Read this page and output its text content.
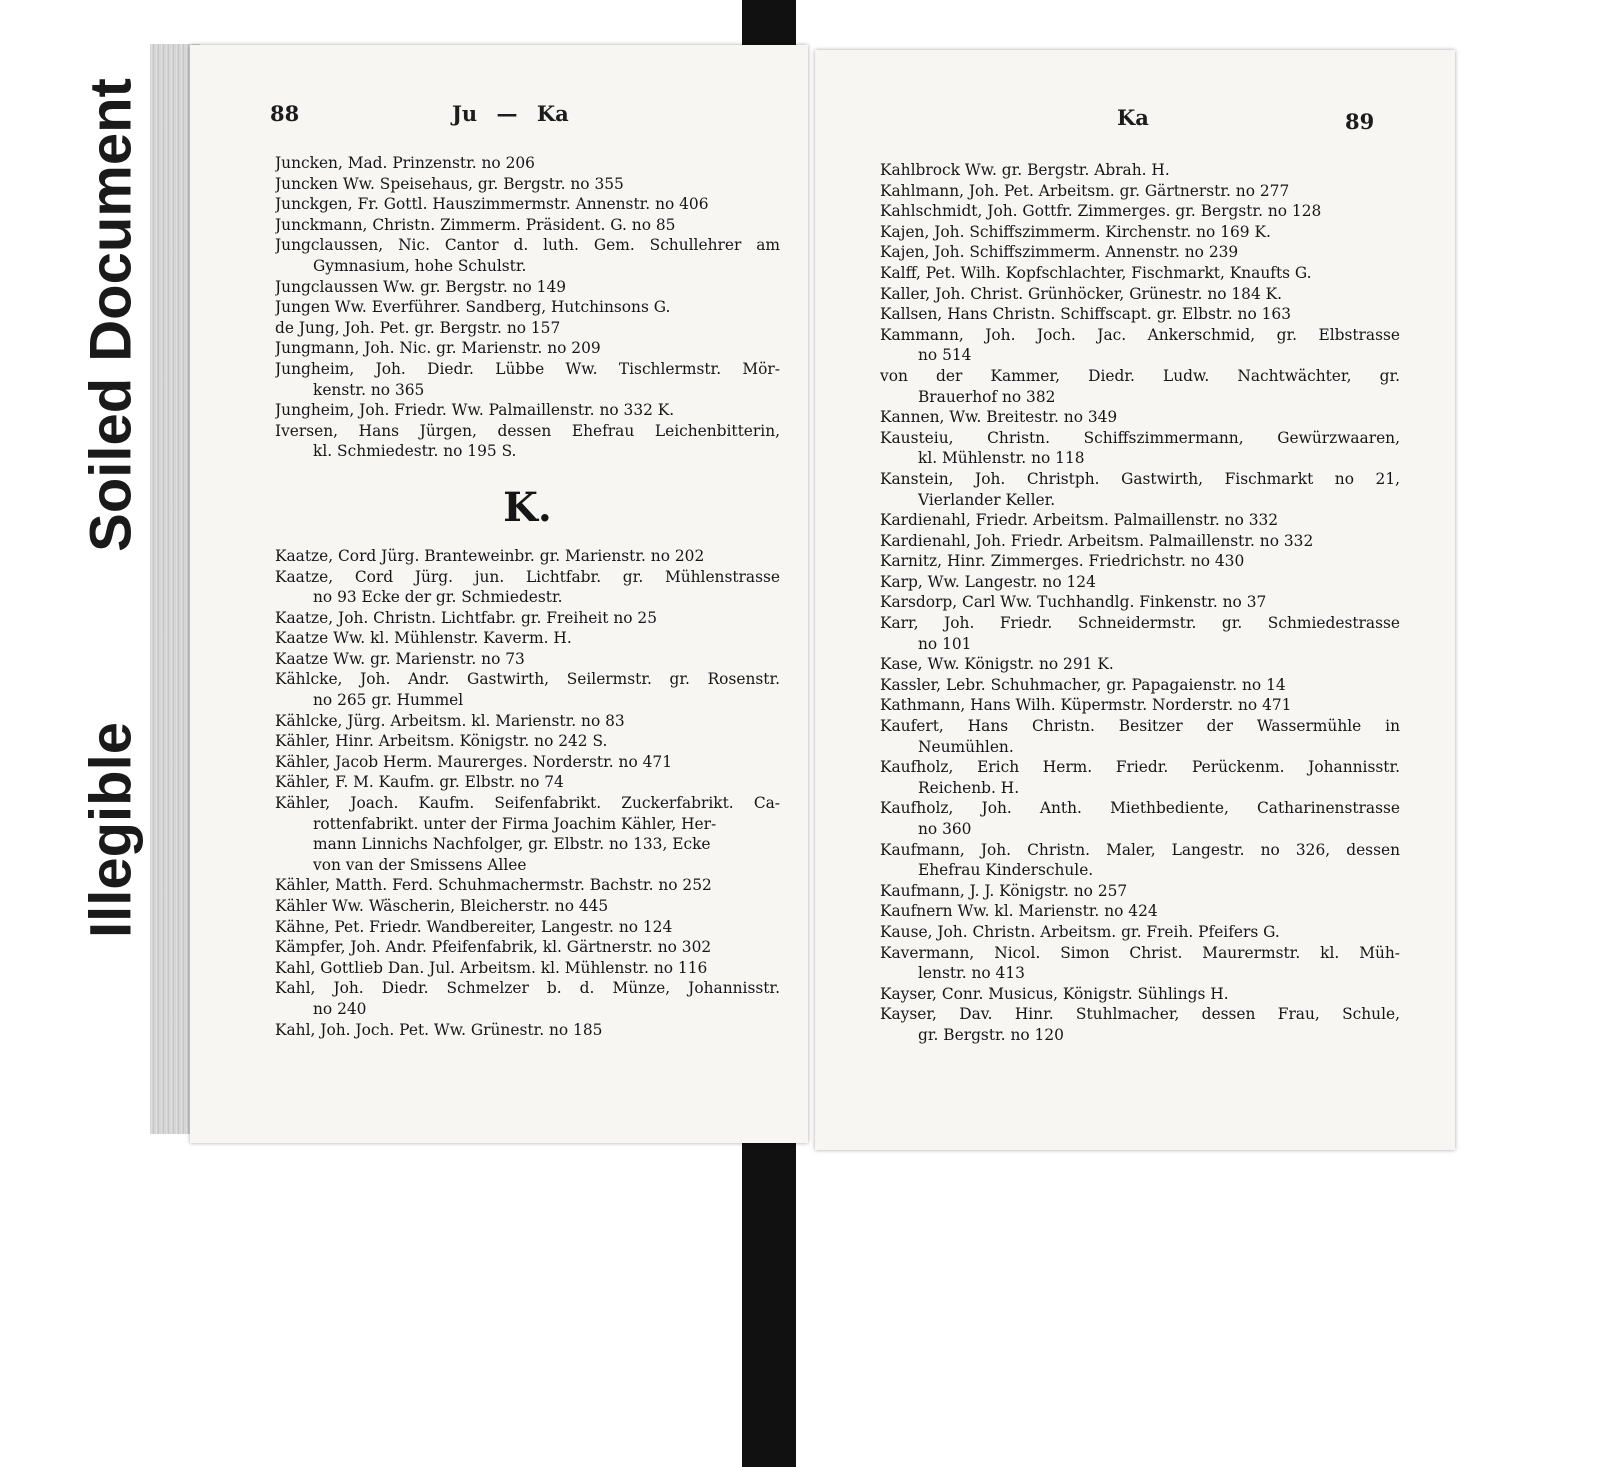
Soiled Document
Illegible
88	Ju — Ka
Juncken, Mad. Prinzenstr. no 206
Juncken Ww. Speisehaus, gr. Bergstr. no 355
Junckgen, Fr. Gottl. Hauszimmermstr. Annenstr. no 406
Junckmann, Christn. Zimmerm. Präsident. G. no 85
Jungclaussen, Nic. Cantor d. luth. Gem. Schullehrer am
Gymnasium, hohe Schulstr.
Jungclaussen Ww. gr. Bergstr. no 149
Jungen Ww. Everführer. Sandberg, Hutchinsons G.
de Jung, Joh. Pet. gr. Bergstr. no 157
Jungmann, Joh. Nic. gr. Marienstr. no 209
Jungheim, Joh. Diedr. Lübbe Ww. Tischlermstr. Mör-
kenstr. no 365
Jungheim, Joh. Friedr. Ww. Palmaillenstr. no 332 K.
Iversen, Hans Jürgen, dessen Ehefrau Leichenbitterin,
kl. Schmiedestr. no 195 S.
K.
Kaatze, Cord Jürg. Branteweinbr. gr. Marienstr. no 202
Kaatze, Cord Jürg. jun. Lichtfabr. gr. Mühlenstrasse
no 93 Ecke der gr. Schmiedestr.
Kaatze, Joh. Christn. Lichtfabr. gr. Freiheit no 25
Kaatze Ww. kl. Mühlenstr. Kaverm. H.
Kaatze Ww. gr. Marienstr. no 73
Kählcke, Joh. Andr. Gastwirth, Seilermstr. gr. Rosenstr.
no 265 gr. Hummel
Kählcke, Jürg. Arbeitsm. kl. Marienstr. no 83
Kähler, Hinr. Arbeitsm. Königstr. no 242 S.
Kähler, Jacob Herm. Maurerges. Norderstr. no 471
Kähler, F. M. Kaufm. gr. Elbstr. no 74
Kähler, Joach. Kaufm. Seifenfabrikt. Zuckerfabrikt. Ca-
rottenfabrikt. unter der Firma Joachim Kähler, Her-
mann Linnichs Nachfolger, gr. Elbstr. no 133, Ecke
von van der Smissens Allee
Kähler, Matth. Ferd. Schuhmachermstr. Bachstr. no 252
Kähler Ww. Wäscherin, Bleicherstr. no 445
Kähne, Pet. Friedr. Wandbereiter, Langestr. no 124
Kämpfer, Joh. Andr. Pfeifenfabrik, kl. Gärtnerstr. no 302
Kahl, Gottlieb Dan. Jul. Arbeitsm. kl. Mühlenstr. no 116
Kahl, Joh. Diedr. Schmelzer b. d. Münze, Johannisstr.
no 240
Kahl, Joh. Joch. Pet. Ww. Grünestr. no 185
Ka	89
Kahlbrock Ww. gr. Bergstr. Abrah. H.
Kahlmann, Joh. Pet. Arbeitsm. gr. Gärtnerstr. no 277
Kahlschmidt, Joh. Gottfr. Zimmerges. gr. Bergstr. no 128
Kajen, Joh. Schiffszimmerm. Kirchenstr. no 169 K.
Kajen, Joh. Schiffszimmerm. Annenstr. no 239
Kalff, Pet. Wilh. Kopfschlachter, Fischmarkt, Knaufts G.
Kaller, Joh. Christ. Grünhöcker, Grünestr. no 184 K.
Kallsen, Hans Christn. Schiffscapt. gr. Elbstr. no 163
Kammann, Joh. Joch. Jac. Ankerschmid, gr. Elbstrasse
no 514
von der Kammer, Diedr. Ludw. Nachtwächter, gr.
Brauerhof no 382
Kannen, Ww. Breitestr. no 349
Kausteiu, Christn. Schiffszimmermann, Gewürzwaaren,
kl. Mühlenstr. no 118
Kanstein, Joh. Christph. Gastwirth, Fischmarkt no 21,
Vierlander Keller.
Kardienahl, Friedr. Arbeitsm. Palmaillenstr. no 332
Kardienahl, Joh. Friedr. Arbeitsm. Palmaillenstr. no 332
Karnitz, Hinr. Zimmerges. Friedrichstr. no 430
Karp, Ww. Langestr. no 124
Karsdorp, Carl Ww. Tuchhandlg. Finkenstr. no 37
Karr, Joh. Friedr. Schneidermstr. gr. Schmiedestrasse
no 101
Kase, Ww. Königstr. no 291 K.
Kassler, Lebr. Schuhmacher, gr. Papagaienstr. no 14
Kathmann, Hans Wilh. Küpermstr. Norderstr. no 471
Kaufert, Hans Christn. Besitzer der Wassermühle in
Neumühlen.
Kaufholz, Erich Herm. Friedr. Perückenm. Johannisstr.
Reichenb. H.
Kaufholz, Joh. Anth. Miethbediente, Catharinenstrasse
no 360
Kaufmann, Joh. Christn. Maler, Langestr. no 326, dessen
Ehefrau Kinderschule.
Kaufmann, J. J. Königstr. no 257
Kaufnern Ww. kl. Marienstr. no 424
Kause, Joh. Christn. Arbeitsm. gr. Freih. Pfeifers G.
Kavermann, Nicol. Simon Christ. Maurermstr. kl. Müh-
lenstr. no 413
Kayser, Conr. Musicus, Königstr. Sühlings H.
Kayser, Dav. Hinr. Stuhlmacher, dessen Frau, Schule,
gr. Bergstr. no 120
